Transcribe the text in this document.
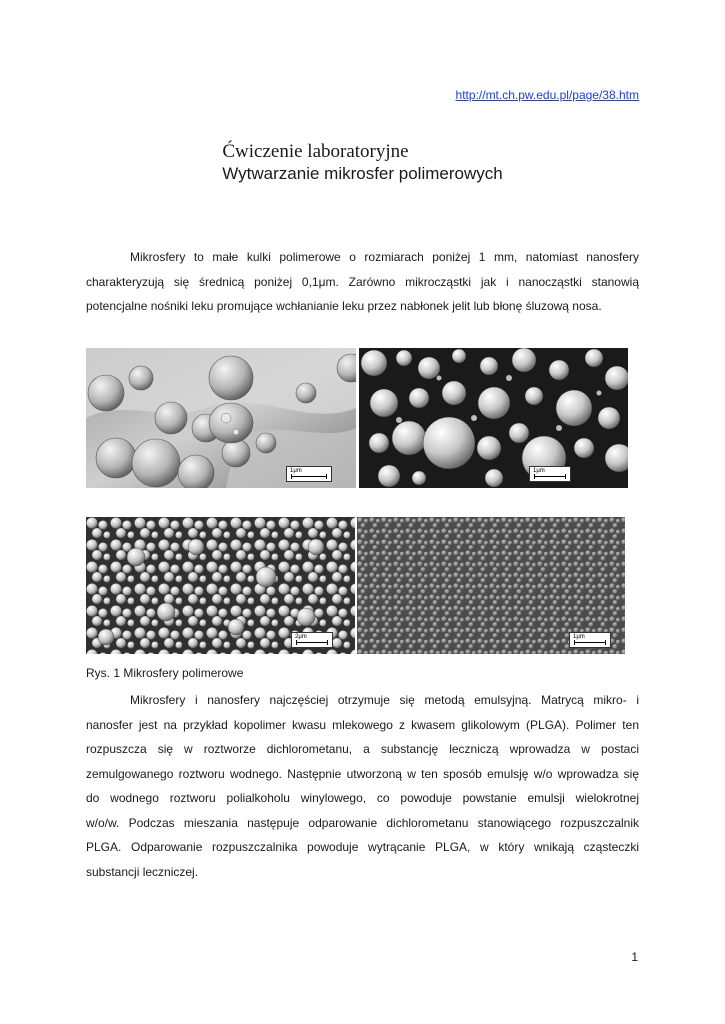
http://mt.ch.pw.edu.pl/page/38.htm
Ćwiczenie laboratoryjne
Wytwarzanie mikrosfer polimerowych
Mikrosfery to małe kulki polimerowe o rozmiarach poniżej 1 mm, natomiast nanosfery
charakteryzują się średnicą poniżej 0,1μm. Zarówno mikrocząstki jak i nanocząstki stanowią
potencjalne nośniki leku promujące wchłanianie leku przez nabłonek jelit lub błonę śluzową nosa.
1μm	1μm
2μm	1μm
Rys. 1 Mikrosfery polimerowe
Mikrosfery i nanosfery najczęściej otrzymuje się metodą emulsyjną. Matrycą mikro- i
nanosfer jest na przykład kopolimer kwasu mlekowego z kwasem glikolowym (PLGA). Polimer ten
rozpuszcza się w roztworze dichlorometanu, a substancję leczniczą wprowadza w postaci
zemulgowanego roztworu wodnego. Następnie utworzoną w ten sposób emulsję w/o wprowadza się
do wodnego roztworu polialkoholu winylowego, co powoduje powstanie emulsji wielokrotnej
w/o/w. Podczas mieszania następuje odparowanie dichlorometanu stanowiącego rozpuszczalnik
PLGA. Odparowanie rozpuszczalnika powoduje wytrącanie PLGA, w który wnikają cząsteczki
substancji leczniczej.
1
